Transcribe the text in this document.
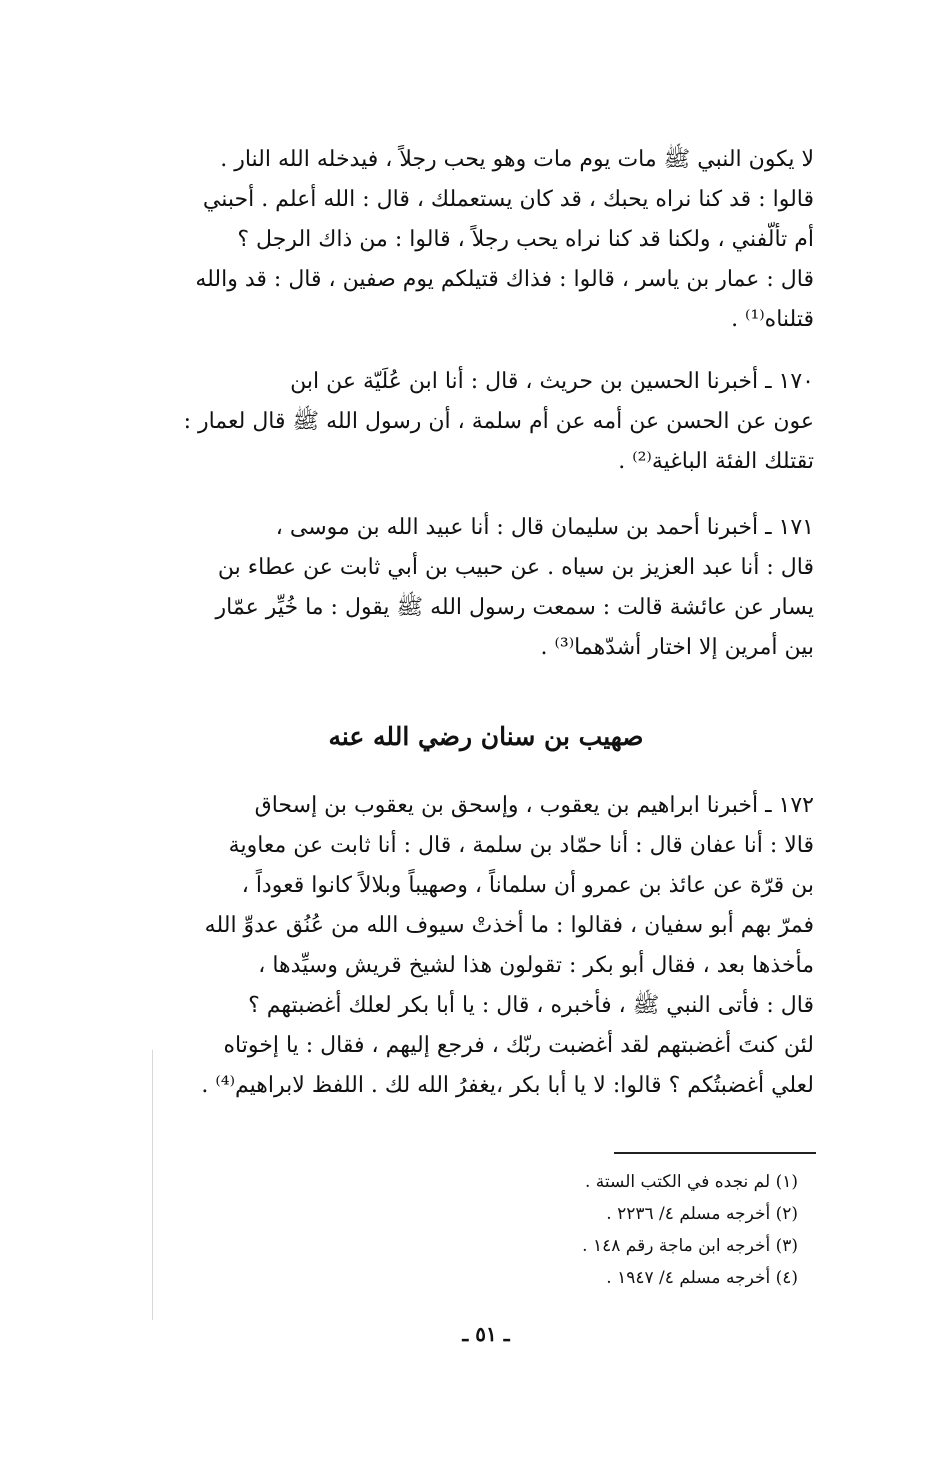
لا يكون النبي ﷺ مات يوم مات وهو يحب رجلاً ، فيدخله الله النار .
قالوا : قد كنا نراه يحبك ، قد كان يستعملك ، قال : الله أعلم . أحبني
أم تألّفني ، ولكنا قد كنا نراه يحب رجلاً ، قالوا : من ذاك الرجل ؟
قال : عمار بن ياسر ، قالوا : فذاك قتيلكم يوم صفين ، قال : قد والله
قتلناه⁽¹⁾ .
١٧٠ ـ أخبرنا الحسين بن حريث ، قال : أنا ابن عُلَيّة عن ابن
عون عن الحسن عن أمه عن أم سلمة ، أن رسول الله ﷺ قال لعمار :
تقتلك الفئة الباغية⁽²⁾ .
١٧١ ـ أخبرنا أحمد بن سليمان قال : أنا عبيد الله بن موسى ،
قال : أنا عبد العزيز بن سياه . عن حبيب بن أبي ثابت عن عطاء بن
يسار عن عائشة قالت : سمعت رسول الله ﷺ يقول : ما خُيِّر عمّار
بين أمرين إلا اختار أشدّهما⁽³⁾ .
صهيب بن سنان رضي الله عنه
١٧٢ ـ أخبرنا ابراهيم بن يعقوب ، وإسحق بن يعقوب بن إسحاق
قالا : أنا عفان قال : أنا حمّاد بن سلمة ، قال : أنا ثابت عن معاوية
بن قرّة عن عائذ بن عمرو أن سلماناً ، وصهيباً وبلالاً كانوا قعوداً ،
فمرّ بهم أبو سفيان ، فقالوا : ما أخذتْ سيوف الله من عُنُق عدوِّ الله
مأخذها بعد ، فقال أبو بكر : تقولون هذا لشيخ قريش وسيِّدها ،
قال : فأتى النبي ﷺ ، فأخبره ، قال : يا أبا بكر لعلك أغضبتهم ؟
لئن كنتَ أغضبتهم لقد أغضبت ربّك ، فرجع إليهم ، فقال : يا إخوتاه
لعلي أغضبتُكم ؟ قالوا: لا يا أبا بكر ،يغفرُ الله لك . اللفظ لابراهيم⁽⁴⁾ .
(١) لم نجده في الكتب الستة .
(٢) أخرجه مسلم ٤/ ٢٢٣٦ .
(٣) أخرجه ابن ماجة رقم ١٤٨ .
(٤) أخرجه مسلم ٤/ ١٩٤٧ .
ـ ٥١ ـ
